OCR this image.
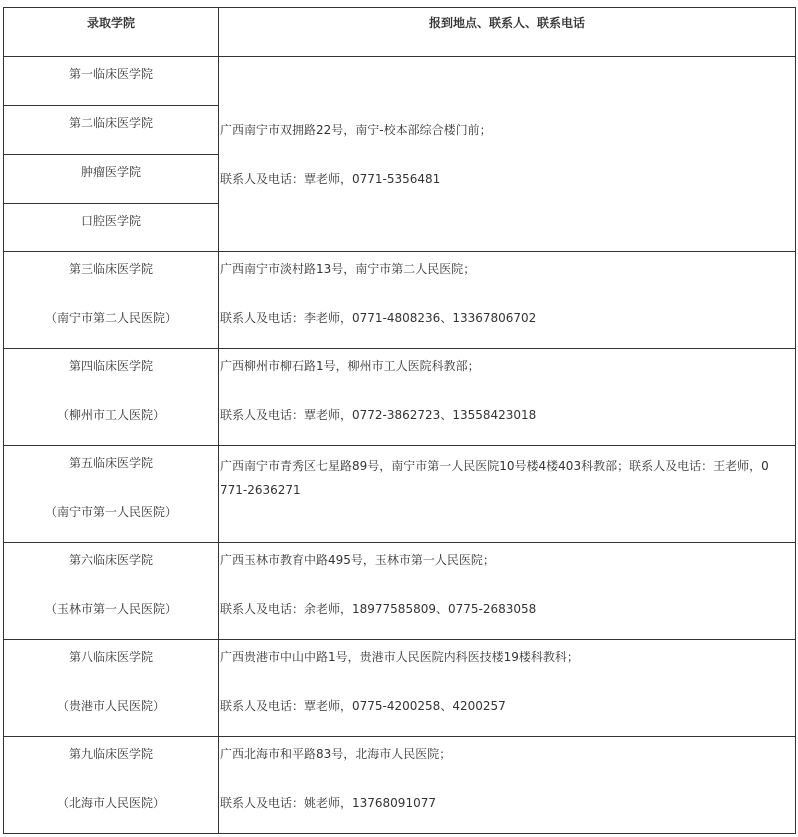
录取学院	报到地点、联系人、联系电话

第一临床医学院	广西南宁市双拥路22号，南宁-校本部综合楼门前；
联系人及电话：覃老师，0771-5356481

第二临床医学院	

肿瘤医学院	

口腔医学院	

第三临床医学院
（南宁市第二人民医院）	广西南宁市淡村路13号，南宁市第二人民医院；
联系人及电话：李老师，0771-4808236、13367806702

第四临床医学院
（柳州市工人医院）	广西柳州市柳石路1号，柳州市工人医院科教部；
联系人及电话：覃老师，0772-3862723、13558423018

第五临床医学院
（南宁市第一人民医院）	广西南宁市青秀区七星路89号，南宁市第一人民医院10号楼4楼403科教部；联系人及电话：王老师，0
771-2636271

第六临床医学院
（玉林市第一人民医院）	广西玉林市教育中路495号，玉林市第一人民医院；
联系人及电话：余老师，18977585809、0775-2683058

第八临床医学院
（贵港市人民医院）	广西贵港市中山中路1号，贵港市人民医院内科医技楼19楼科教科；
联系人及电话：覃老师，0775-4200258、4200257

第九临床医学院
（北海市人民医院）	广西北海市和平路83号，北海市人民医院；
联系人及电话：姚老师，13768091077
